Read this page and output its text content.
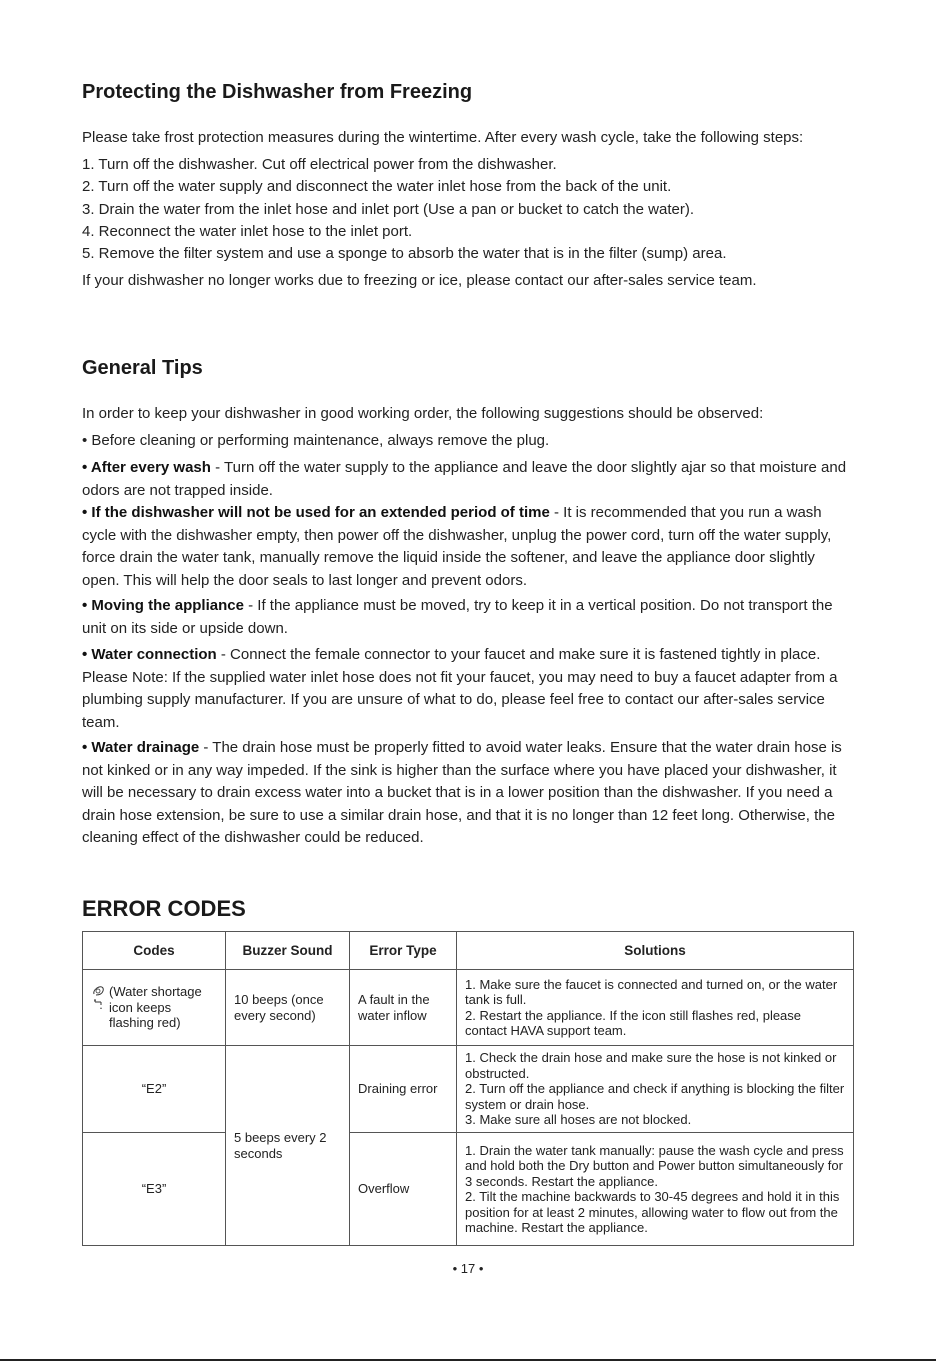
Protecting the Dishwasher from Freezing

Please take frost protection measures during the wintertime. After every wash cycle, take the following steps:

1. Turn off the dishwasher. Cut off electrical power from the dishwasher.

2. Turn off the water supply and disconnect the water inlet hose from the back of the unit.

3. Drain the water from the inlet hose and inlet port (Use a pan or bucket to catch the water).

4. Reconnect the water inlet hose to the inlet port.

5. Remove the filter system and use a sponge to absorb the water that is in the filter (sump) area.

If your dishwasher no longer works due to freezing or ice, please contact our after-sales service team.

General Tips

In order to keep your dishwasher in good working order, the following suggestions should be observed:

• Before cleaning or performing maintenance, always remove the plug.

• After every wash - Turn off the water supply to the appliance and leave the door slightly ajar so that moisture and odors are not trapped inside.

• If the dishwasher will not be used for an extended period of time - It is recommended that you run a wash cycle with the dishwasher empty, then power off the dishwasher, unplug the power cord, turn off the water supply, force drain the water tank, manually remove the liquid inside the softener, and leave the appliance door slightly open. This will help the door seals to last longer and prevent odors.

• Moving the appliance - If the appliance must be moved, try to keep it in a vertical position. Do not transport the unit on its side or upside down.

• Water connection - Connect the female connector to your faucet and make sure it is fastened tightly in place. Please Note: If the supplied water inlet hose does not fit your faucet, you may need to buy a faucet adapter from a plumbing supply manufacturer. If you are unsure of what to do, please feel free to contact our after-sales service team.

• Water drainage - The drain hose must be properly fitted to avoid water leaks. Ensure that the water drain hose is not kinked or in any way impeded. If the sink is higher than the surface where you have placed your dishwasher, it will be necessary to drain excess water into a bucket that is in a lower position than the dishwasher. If you need a drain hose extension, be sure to use a similar drain hose, and that it is no longer than 12 feet long. Otherwise, the cleaning effect of the dishwasher could be reduced.

ERROR CODES
Codes	Buzzer Sound	Error Type	Solutions

(Water shortage icon keeps flashing red)	10 beeps (once every second)	A fault in the water inflow	1. Make sure the faucet is connected and turned on, or the water tank is full.
2. Restart the appliance. If the icon still flashes red, please contact HAVA support team.

“E2”	5 beeps every 2 seconds	Draining error	1. Check the drain hose and make sure the hose is not kinked or obstructed.
2. Turn off the appliance and check if anything is blocking the filter system or drain hose.
3. Make sure all hoses are not blocked.

“E3”		Overflow	1. Drain the water tank manually: pause the wash cycle and press and hold both the Dry button and Power button simultaneously for 3 seconds. Restart the appliance.
2. Tilt the machine backwards to 30-45 degrees and hold it in this position for at least 2 minutes, allowing water to flow out from the machine. Restart the appliance.
• 17 •
